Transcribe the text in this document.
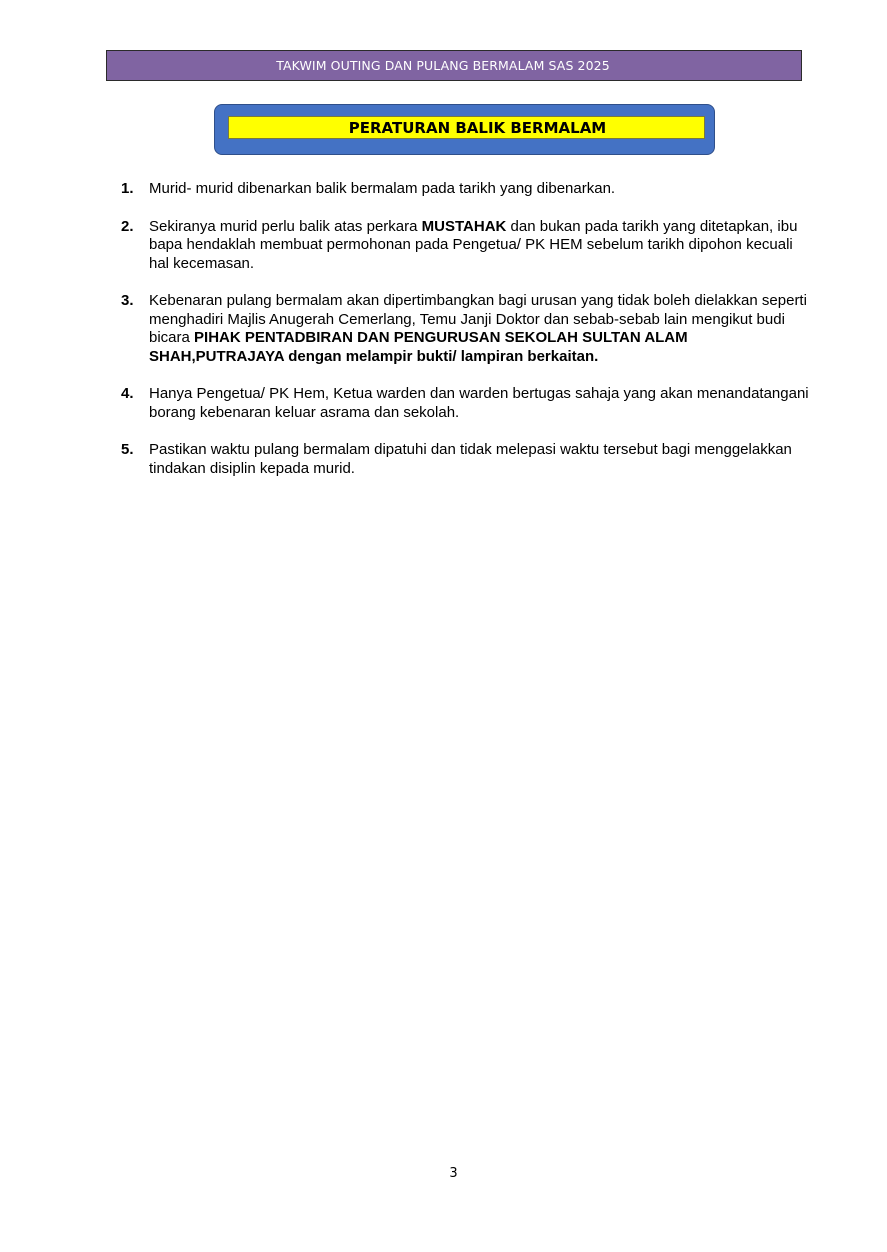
TAKWIM OUTING DAN PULANG BERMALAM SAS 2025
PERATURAN BALIK BERMALAM
1.	Murid- murid dibenarkan balik bermalam pada tarikh yang dibenarkan.
2.	Sekiranya murid perlu balik atas perkara MUSTAHAK dan bukan pada tarikh yang ditetapkan, ibu bapa hendaklah membuat permohonan pada Pengetua/ PK HEM sebelum tarikh dipohon kecuali hal kecemasan.
3.	Kebenaran pulang bermalam akan dipertimbangkan bagi urusan yang tidak boleh dielakkan seperti menghadiri Majlis Anugerah Cemerlang, Temu Janji Doktor dan sebab-sebab lain mengikut budi bicara PIHAK PENTADBIRAN DAN PENGURUSAN SEKOLAH SULTAN ALAM SHAH,PUTRAJAYA dengan melampir bukti/ lampiran berkaitan.
4.	Hanya Pengetua/ PK Hem, Ketua warden dan warden bertugas sahaja yang akan menandatangani borang kebenaran keluar asrama dan sekolah.
5.	Pastikan waktu pulang bermalam dipatuhi dan tidak melepasi waktu tersebut bagi menggelakkan tindakan disiplin kepada murid.
3
